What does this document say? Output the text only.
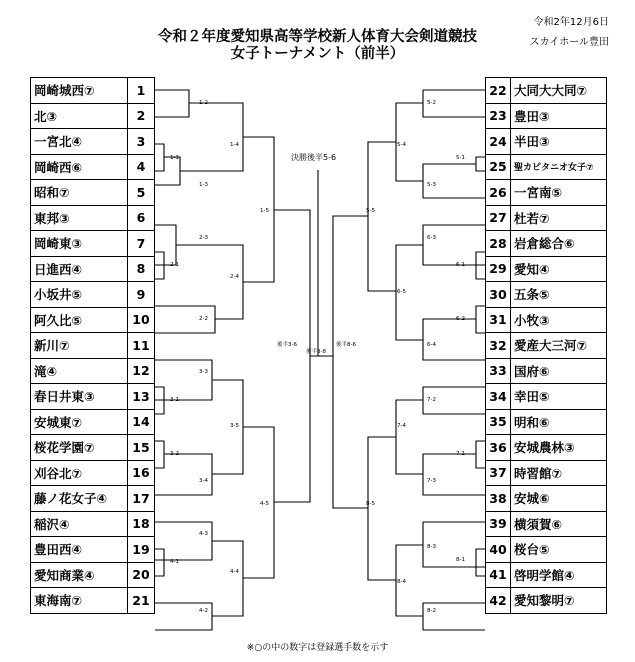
令和２年度愛知県高等学校新人体育大会剣道競技
女子トーナメント（前半）
令和2年12月6日
スカイホール豊田
1-2
1-1
1-3
1-4
1-5
2-3
2-1
2-4
2-2
3-3
3-1
3-5
3-2
3-4
4-5
4-3
4-1
4-4
4-2
5-2
5-4
5-1
5-3
5-5
6-3
6-1
6-5
6-2
6-4
7-2
7-4
7-1
7-3
8-5
8-3
8-1
8-4
8-2
後半3-6
後半3-8
後半8-6
決勝後半5-6
岡崎城西⑦	1
北③	2
一宮北④	3
岡崎西⑥	4
昭和⑦	5
東邦③	6
岡崎東③	7
日進西④	8
小坂井⑤	9
阿久比⑤	10
新川⑦	11
滝④	12
春日井東③	13
安城東⑦	14
桜花学園⑦	15
刈谷北⑦	16
藤ノ花女子④	17
稲沢④	18
豊田西④	19
愛知商業④	20
東海南⑦	21
22	大同大大同⑦
23	豊田③
24	半田③
25	聖カピタニオ女子⑦
26	一宮南⑤
27	杜若⑦
28	岩倉総合⑥
29	愛知④
30	五条⑤
31	小牧③
32	愛産大三河⑦
33	国府⑥
34	幸田⑤
35	明和⑥
36	安城農林③
37	時習館⑦
38	安城⑥
39	横須賀⑥
40	桜台⑤
41	啓明学館④
42	愛知黎明⑦
※○の中の数字は登録選手数を示す
